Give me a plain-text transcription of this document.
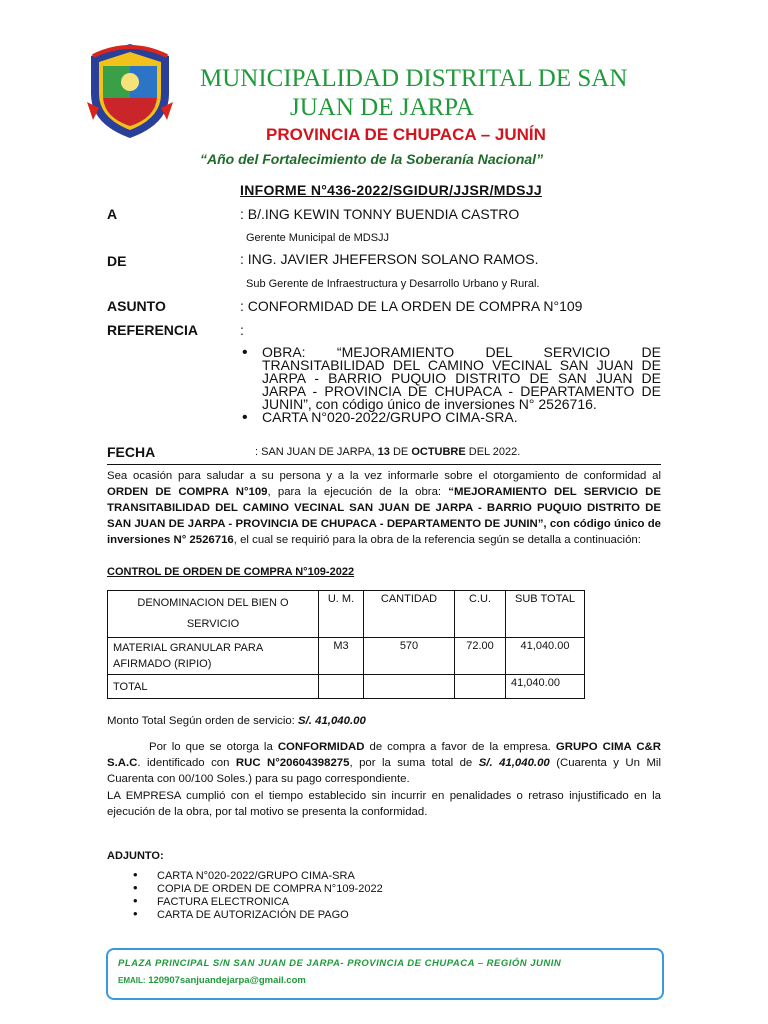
MUNICIPALIDAD DISTRITAL DE SAN
JUAN DE JARPA
PROVINCIA DE CHUPACA – JUNÍN
“Año del Fortalecimiento de la Soberanía Nacional”
INFORME N°436-2022/SGIDUR/JJSR/MDSJJ
A	: B/.ING KEWIN TONNY BUENDIA CASTRO
Gerente Municipal de MDSJJ
DE	: ING. JAVIER JHEFERSON SOLANO RAMOS.
Sub Gerente de Infraestructura y Desarrollo Urbano y Rural.
ASUNTO	: CONFORMIDAD DE LA ORDEN DE COMPRA N°109
REFERENCIA	:
• OBRA: “MEJORAMIENTO DEL SERVICIO DE TRANSITABILIDAD DEL CAMINO VECINAL SAN JUAN DE JARPA - BARRIO PUQUIO DISTRITO DE SAN JUAN DE JARPA - PROVINCIA DE CHUPACA - DEPARTAMENTO DE JUNIN”, con código único de inversiones N° 2526716.
• CARTA N°020-2022/GRUPO CIMA-SRA.
FECHA	: SAN JUAN DE JARPA, 13 DE OCTUBRE DEL 2022.
Sea ocasión para saludar a su persona y a la vez informarle sobre el otorgamiento de conformidad al ORDEN DE COMPRA N°109, para la ejecución de la obra: “MEJORAMIENTO DEL SERVICIO DE TRANSITABILIDAD DEL CAMINO VECINAL SAN JUAN DE JARPA - BARRIO PUQUIO DISTRITO DE SAN JUAN DE JARPA - PROVINCIA DE CHUPACA - DEPARTAMENTO DE JUNIN”, con código único de inversiones N° 2526716, el cual se requirió para la obra de la referencia según se detalla a continuación:
CONTROL DE ORDEN DE COMPRA N°109-2022
DENOMINACION DEL BIEN O SERVICIO	U. M.	CANTIDAD	C.U.	SUB TOTAL
MATERIAL GRANULAR PARA AFIRMADO (RIPIO)	M3	570	72.00	41,040.00
TOTAL				41,040.00
Monto Total Según orden de servicio: S/. 41,040.00
Por lo que se otorga la CONFORMIDAD de compra a favor de la empresa. GRUPO CIMA C&R S.A.C. identificado con RUC N°20604398275, por la suma total de S/. 41,040.00 (Cuarenta y Un Mil Cuarenta con 00/100 Soles.) para su pago correspondiente.
LA EMPRESA cumplió con el tiempo establecido sin incurrir en penalidades o retraso injustificado en la ejecución de la obra, por tal motivo se presenta la conformidad.
ADJUNTO:
• CARTA N°020-2022/GRUPO CIMA-SRA
• COPIA DE ORDEN DE COMPRA N°109-2022
• FACTURA ELECTRONICA
• CARTA DE AUTORIZACIÓN DE PAGO
PLAZA PRINCIPAL S/N SAN JUAN DE JARPA- PROVINCIA DE CHUPACA – REGIÓN JUNIN
EMAIL: 120907sanjuandejarpa@gmail.com
